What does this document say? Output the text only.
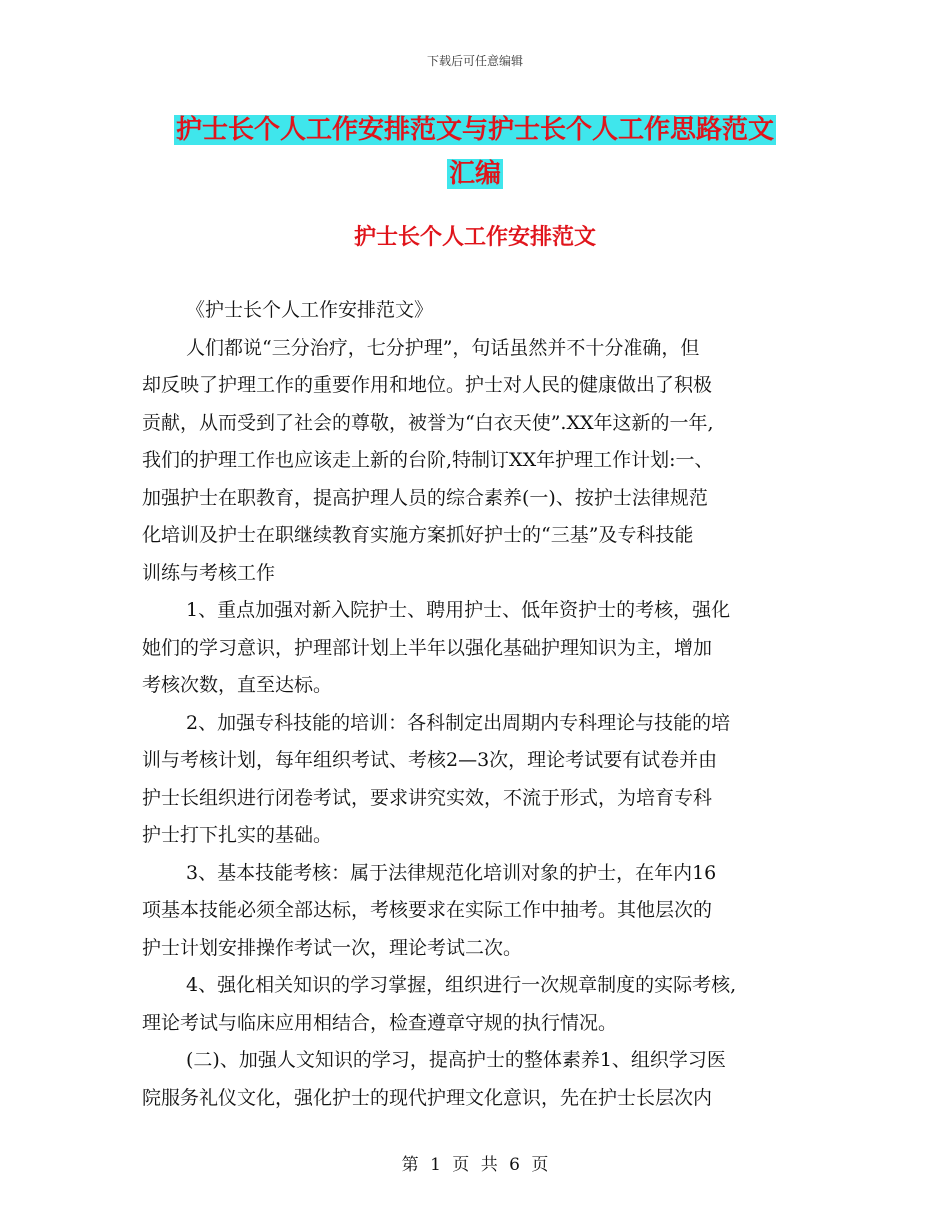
下载后可任意编辑
护士长个人工作安排范文与护士长个人工作思路范文
汇编
护士长个人工作安排范文
《护士长个人工作安排范文》
人们都说“三分治疗，七分护理”，句话虽然并不十分准确，但
却反映了护理工作的重要作用和地位。护士对人民的健康做出了积极
贡献，从而受到了社会的尊敬，被誉为“白衣天使”.XX年这新的一年,
我们的护理工作也应该走上新的台阶,特制订XX年护理工作计划:一、
加强护士在职教育，提高护理人员的综合素养(一)、按护士法律规范
化培训及护士在职继续教育实施方案抓好护士的“三基”及专科技能
训练与考核工作
1、重点加强对新入院护士、聘用护士、低年资护士的考核，强化
她们的学习意识，护理部计划上半年以强化基础护理知识为主，增加
考核次数，直至达标。
2、加强专科技能的培训：各科制定出周期内专科理论与技能的培
训与考核计划，每年组织考试、考核2—3次，理论考试要有试卷并由
护士长组织进行闭卷考试，要求讲究实效，不流于形式，为培育专科
护士打下扎实的基础。
3、基本技能考核：属于法律规范化培训对象的护士，在年内16
项基本技能必须全部达标，考核要求在实际工作中抽考。其他层次的
护士计划安排操作考试一次，理论考试二次。
4、强化相关知识的学习掌握，组织进行一次规章制度的实际考核,
理论考试与临床应用相结合，检查遵章守规的执行情况。
(二)、加强人文知识的学习，提高护士的整体素养1、组织学习医
院服务礼仪文化，强化护士的现代护理文化意识，先在护士长层次内
第 1 页 共 6 页
